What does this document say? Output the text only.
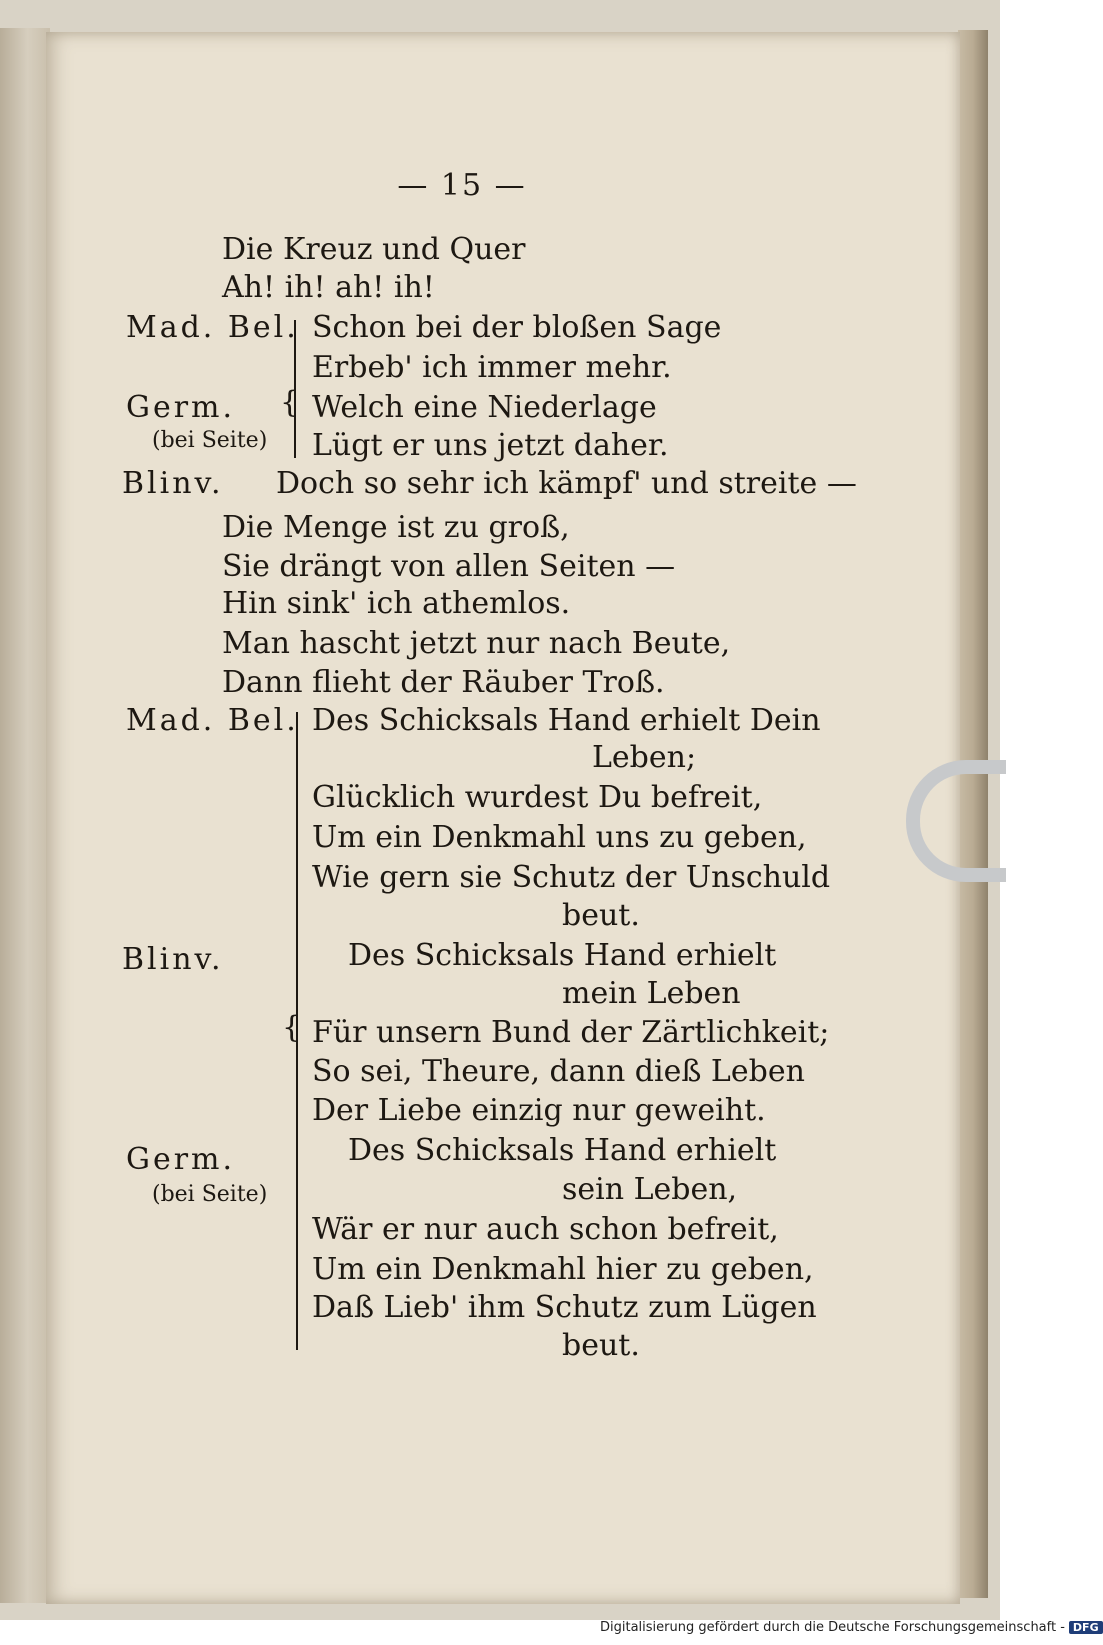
— 15 —
Mad. Bel.
Germ.
(bei Seite)
Blinv.
Mad. Bel.
Blinv.
Germ.
(bei Seite)
{
{
Die Kreuz und Quer
Ah! ih! ah! ih!
Schon bei der bloßen Sage
Erbeb' ich immer mehr.
Welch eine Niederlage
Lügt er uns jetzt daher.
Doch so sehr ich kämpf' und streite —
Die Menge ist zu groß,
Sie drängt von allen Seiten —
Hin sink' ich athemlos.
Man hascht jetzt nur nach Beute,
Dann flieht der Räuber Troß.
Des Schicksals Hand erhielt Dein
Leben;
Glücklich wurdest Du befreit,
Um ein Denkmahl uns zu geben,
Wie gern sie Schutz der Unschuld
beut.
Des Schicksals Hand erhielt
mein Leben
Für unsern Bund der Zärtlichkeit;
So sei, Theure, dann dieß Leben
Der Liebe einzig nur geweiht.
Des Schicksals Hand erhielt
sein Leben,
Wär er nur auch schon befreit,
Um ein Denkmahl hier zu geben,
Daß Lieb' ihm Schutz zum Lügen
beut.
Digitalisierung gefördert durch die Deutsche Forschungsgemeinschaft - DFG
